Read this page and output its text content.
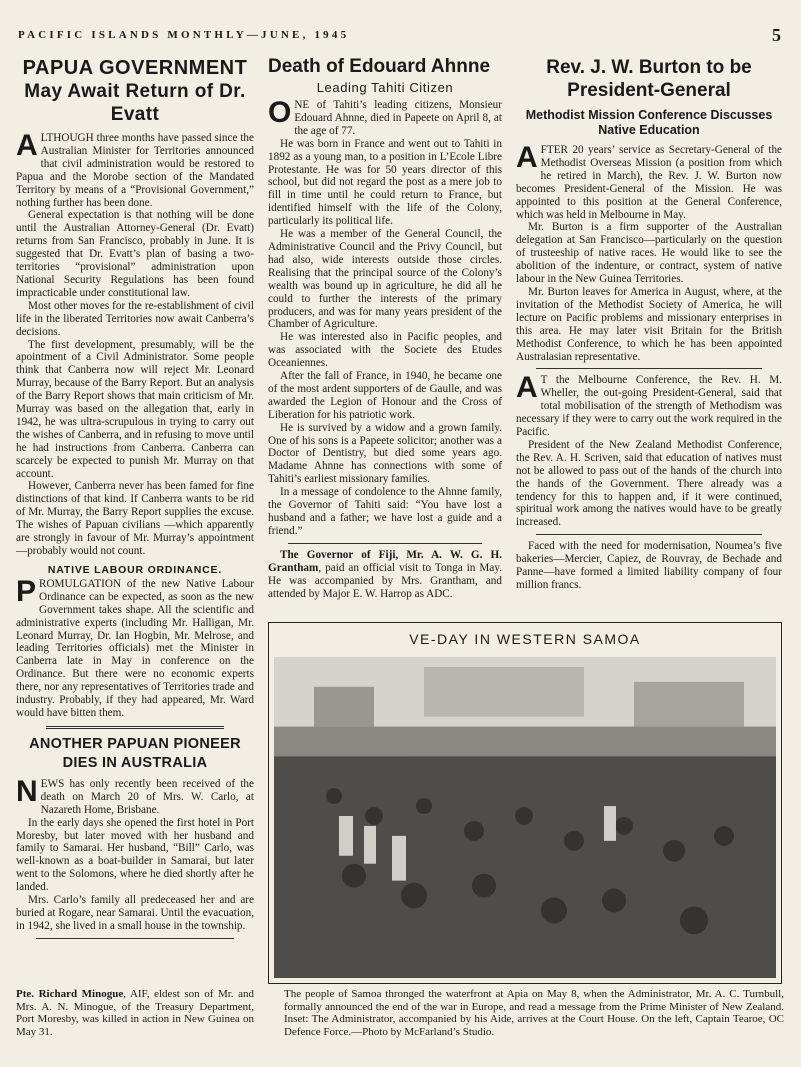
PACIFIC ISLANDS MONTHLY—JUNE, 1945	5
PAPUA GOVERNMENT
May Await Return of Dr. Evatt

ALTHOUGH three months have passed since the Australian Minister for Territories announced that civil administration would be restored to Papua and the Morobe section of the Mandated Territory by means of a “Provisional Government,” nothing further has been done.

General expectation is that nothing will be done until the Australian Attorney-General (Dr. Evatt) returns from San Francisco, probably in June. It is suggested that Dr. Evatt’s plan of basing a two-territories “provisional” administration upon National Security Regulations has been found impracticable under constitutional law.

Most other moves for the re-establishment of civil life in the liberated Territories now await Canberra’s decisions.

The first development, presumably, will be the apointment of a Civil Administrator. Some people think that Canberra now will reject Mr. Leonard Murray, because of the Barry Report. But an analysis of the Barry Report shows that main criticism of Mr. Murray was based on the allegation that, early in 1942, he was ultra-scrupulous in trying to carry out the wishes of Canberra, and in refusing to move until he had instructions from Canberra. Canberra can scarcely be expected to punish Mr. Murray on that account.

However, Canberra never has been famed for fine distinctions of that kind. If Canberra wants to be rid of Mr. Murray, the Barry Report supplies the excuse. The wishes of Papuan civilians —which apparently are strongly in favour of Mr. Murray’s appointment—probably would not count.

NATIVE LABOUR ORDINANCE.

PROMULGATION of the new Native Labour Ordinance can be expected, as soon as the new Government takes shape. All the scientific and administrative experts (including Mr. Halligan, Mr. Leonard Murray, Dr. Ian Hogbin, Mr. Melrose, and leading Territories officials) met the Minister in Canberra late in May in conference on the Ordinance. But there were no economic experts there, nor any representatives of Territories trade and industry. Probably, if they had appeared, Mr. Ward would have bitten them.

ANOTHER PAPUAN PIONEER DIES IN AUSTRALIA

NEWS has only recently been received of the death on March 20 of Mrs. W. Carlo, at Nazareth Home, Brisbane.

In the early days she opened the first hotel in Port Moresby, but later moved with her husband and family to Samarai. Her husband, “Bill” Carlo, was well-known as a boat-builder in Samarai, but later went to the Solomons, where he died shortly after he landed.

Mrs. Carlo’s family all predeceased her and are buried at Rogare, near Samarai. Until the evacuation, in 1942, she lived in a small house in the township.

Pte. Richard Minogue, AIF, eldest son of Mr. and Mrs. A. N. Minogue, of the Treasury Department, Port Moresby, was killed in action in New Guinea on May 31.

Death of Edouard Ahnne
Leading Tahiti Citizen

ONE of Tahiti’s leading citizens, Monsieur Edouard Ahnne, died in Papeete on April 8, at the age of 77.

He was born in France and went out to Tahiti in 1892 as a young man, to a position in L’Ecole Libre Protestante. He was for 50 years director of this school, but did not regard the post as a mere job to fill in time until he could return to France, but identified himself with the life of the Colony, particularly its political life.

He was a member of the General Council, the Administrative Council and the Privy Council, but had also, wide interests outside those circles. Realising that the principal source of the Colony’s wealth was bound up in agriculture, he did all he could to further the interests of the primary producers, and was for many years president of the Chamber of Agriculture.

He was interested also in Pacific peoples, and was associated with the Societe des Etudes Oceaniennes.

After the fall of France, in 1940, he became one of the most ardent supporters of de Gaulle, and was awarded the Legion of Honour and the Cross of Liberation for his patriotic work.

He is survived by a widow and a grown family. One of his sons is a Papeete solicitor; another was a Doctor of Dentistry, but died some years ago. Madame Ahnne has connections with some of Tahiti’s earliest missionary families.

In a message of condolence to the Ahnne family, the Governor of Tahiti said: “You have lost a husband and a father; we have lost a guide and a friend.”

The Governor of Fiji, Mr. A. W. G. H. Grantham, paid an official visit to Tonga in May. He was accompanied by Mrs. Grantham, and attended by Major E. W. Harrop as ADC.

Rev. J. W. Burton to be President-General
Methodist Mission Conference Discusses Native Education

AFTER 20 years’ service as Secretary-General of the Methodist Overseas Mission (a position from which he retired in March), the Rev. J. W. Burton now becomes President-General of the Mission. He was appointed to this position at the General Conference, which was held in Melbourne in May.

Mr. Burton is a firm supporter of the Australian delegation at San Francisco—particularly on the question of trusteeship of native races. He would like to see the abolition of the indenture, or contract, system of native labour in the New Guinea Territories.

Mr. Burton leaves for America in August, where, at the invitation of the Methodist Society of America, he will lecture on Pacific problems and missionary enterprises in this area. He may later visit Britain for the British Methodist Conference, to which he has been appointed Australasian representative.

A T the Melbourne Conference, the Rev. H. M. Wheller, the out-going President-General, said that total mobilisation of the strength of Methodism was necessary if they were to carry out the work required in the Pacific.

President of the New Zealand Methodist Conference, the Rev. A. H. Scriven, said that education of natives must not be allowed to pass out of the hands of the church into the hands of the Government. There already was a tendency for this to happen and, if it were continued, spiritual work among the natives would have to be greatly increased.

Faced with the need for modernisation, Noumea’s five bakeries—Mercier, Capiez, de Rouvray, de Bechade and Panne—have formed a limited liability company of four million francs.

VE-DAY IN WESTERN SAMOA

The people of Samoa thronged the waterfront at Apia on May 8, when the Administrator, Mr. A. C. Turnbull, formally announced the end of the war in Europe, and read a message from the Prime Minister of New Zealand. Inset: The Administrator, accompanied by his Aide, arrives at the Court House. On the left, Captain Tearoe, OC Defence Force.—Photo by McFarland’s Studio.
